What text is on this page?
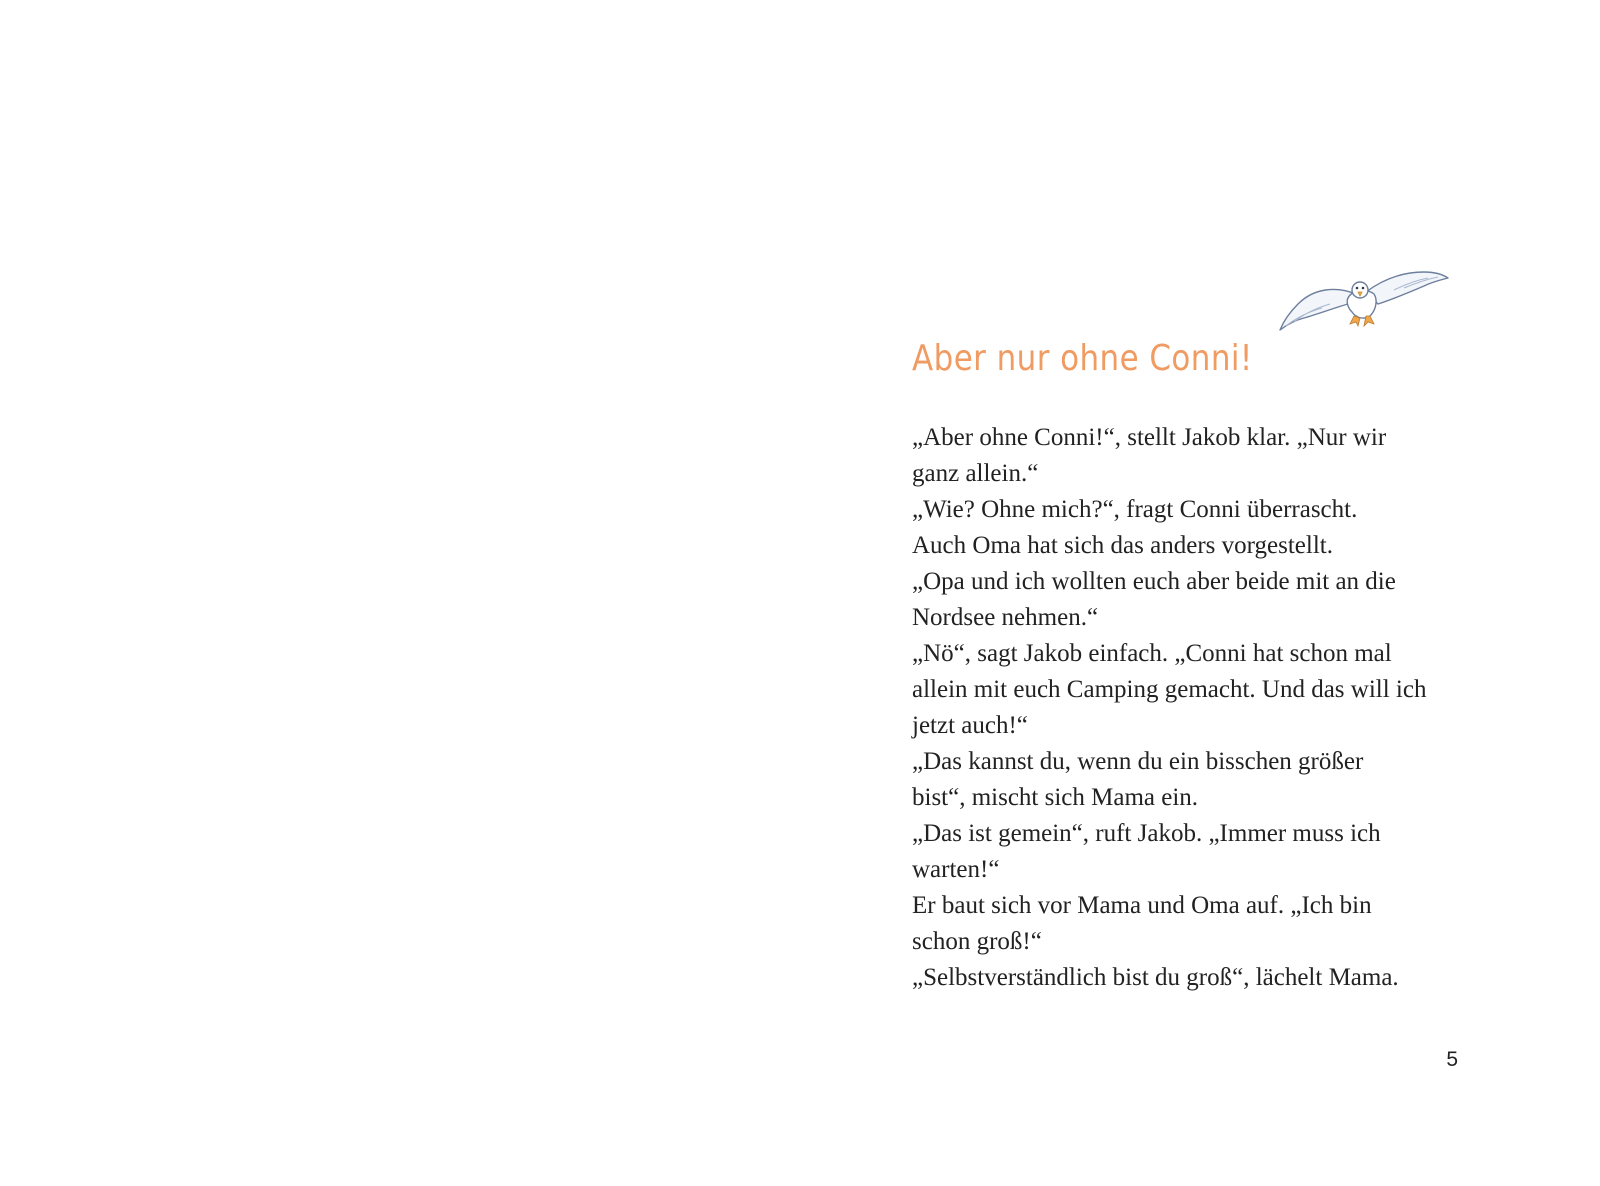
Aber nur ohne Conni!
„Aber ohne Conni!“, stellt Jakob klar. „Nur wir
ganz allein.“
„Wie? Ohne mich?“, fragt Conni überrascht.
Auch Oma hat sich das anders vorgestellt.
„Opa und ich wollten euch aber beide mit an die
Nordsee nehmen.“
„Nö“, sagt Jakob einfach. „Conni hat schon mal
allein mit euch Camping gemacht. Und das will ich
jetzt auch!“
„Das kannst du, wenn du ein bisschen größer
bist“, mischt sich Mama ein.
„Das ist gemein“, ruft Jakob. „Immer muss ich
warten!“
Er baut sich vor Mama und Oma auf. „Ich bin
schon groß!“
„Selbstverständlich bist du groß“, lächelt Mama.
5
